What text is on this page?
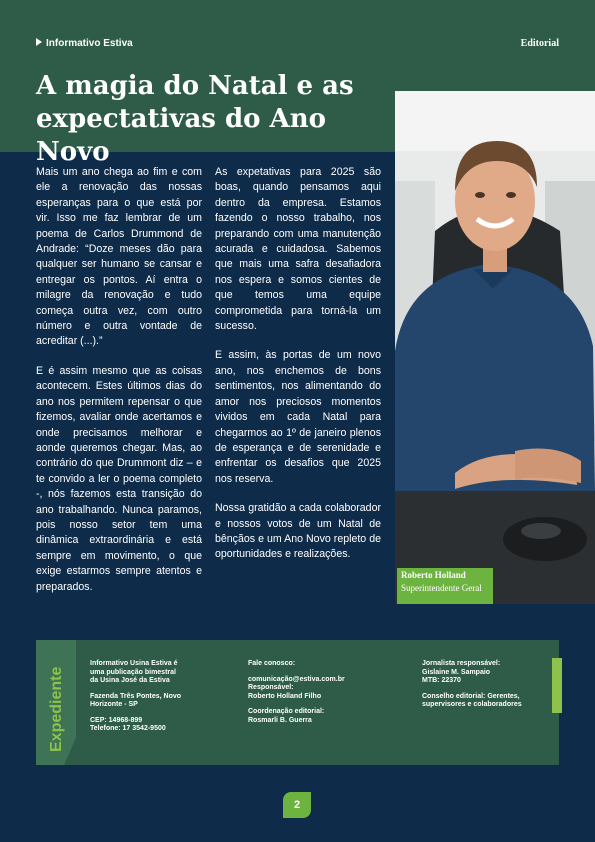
Informativo Estiva	Editorial
A magia do Natal e as expectativas do Ano Novo
Roberto Holland
Superintendente Geral

Mais um ano chega ao fim e com ele a renovação das nossas esperanças para o que está por vir. Isso me faz lembrar de um poema de Carlos Drummond de Andrade: “Doze meses dão para qualquer ser humano se cansar e entregar os pontos. Aí entra o milagre da renovação e tudo começa outra vez, com outro número e outra vontade de acreditar (...).”

E é assim mesmo que as coisas acontecem. Estes últimos dias do ano nos permitem repensar o que fizemos, avaliar onde acertamos e onde precisamos melhorar e aonde queremos chegar. Mas, ao contrário do que Drummont diz – e te convido a ler o poema completo -, nós fazemos esta transição do ano trabalhando. Nunca paramos, pois nosso setor tem uma dinâmica extraordinária e está sempre em movimento, o que exige estarmos sempre atentos e preparados.

As expetativas para 2025 são boas, quando pensamos aqui dentro da empresa. Estamos fazendo o nosso trabalho, nos preparando com uma manutenção acurada e cuidadosa. Sabemos que mais uma safra desafiadora nos espera e somos cientes de que temos uma equipe comprometida para torná-la um sucesso.

E assim, às portas de um novo ano, nos enchemos de bons sentimentos, nos alimentando do amor nos preciosos momentos vividos em cada Natal para chegarmos ao 1º de janeiro plenos de esperança e de serenidade e enfrentar os desafios que 2025 nos reserva.

Nossa gratidão a cada colaborador e nossos votos de um Natal de bênçãos e um Ano Novo repleto de oportunidades e realizações.

Expediente
Informativo Usina Estiva é
uma publicação bimestral
da Usina José da Estiva
Fazenda Três Pontes, Novo
Horizonte - SP
CEP: 14968-899
Telefone: 17 3542-9500
Fale conosco:
comunicação@estiva.com.br
Responsável:
Roberto Holland Filho
Coordenação editorial:
Rosmarli B. Guerra
Jornalista responsável:
Gislaine M. Sampaio
MTB: 22370
Conselho editorial: Gerentes,
supervisores e colaboradores
2
